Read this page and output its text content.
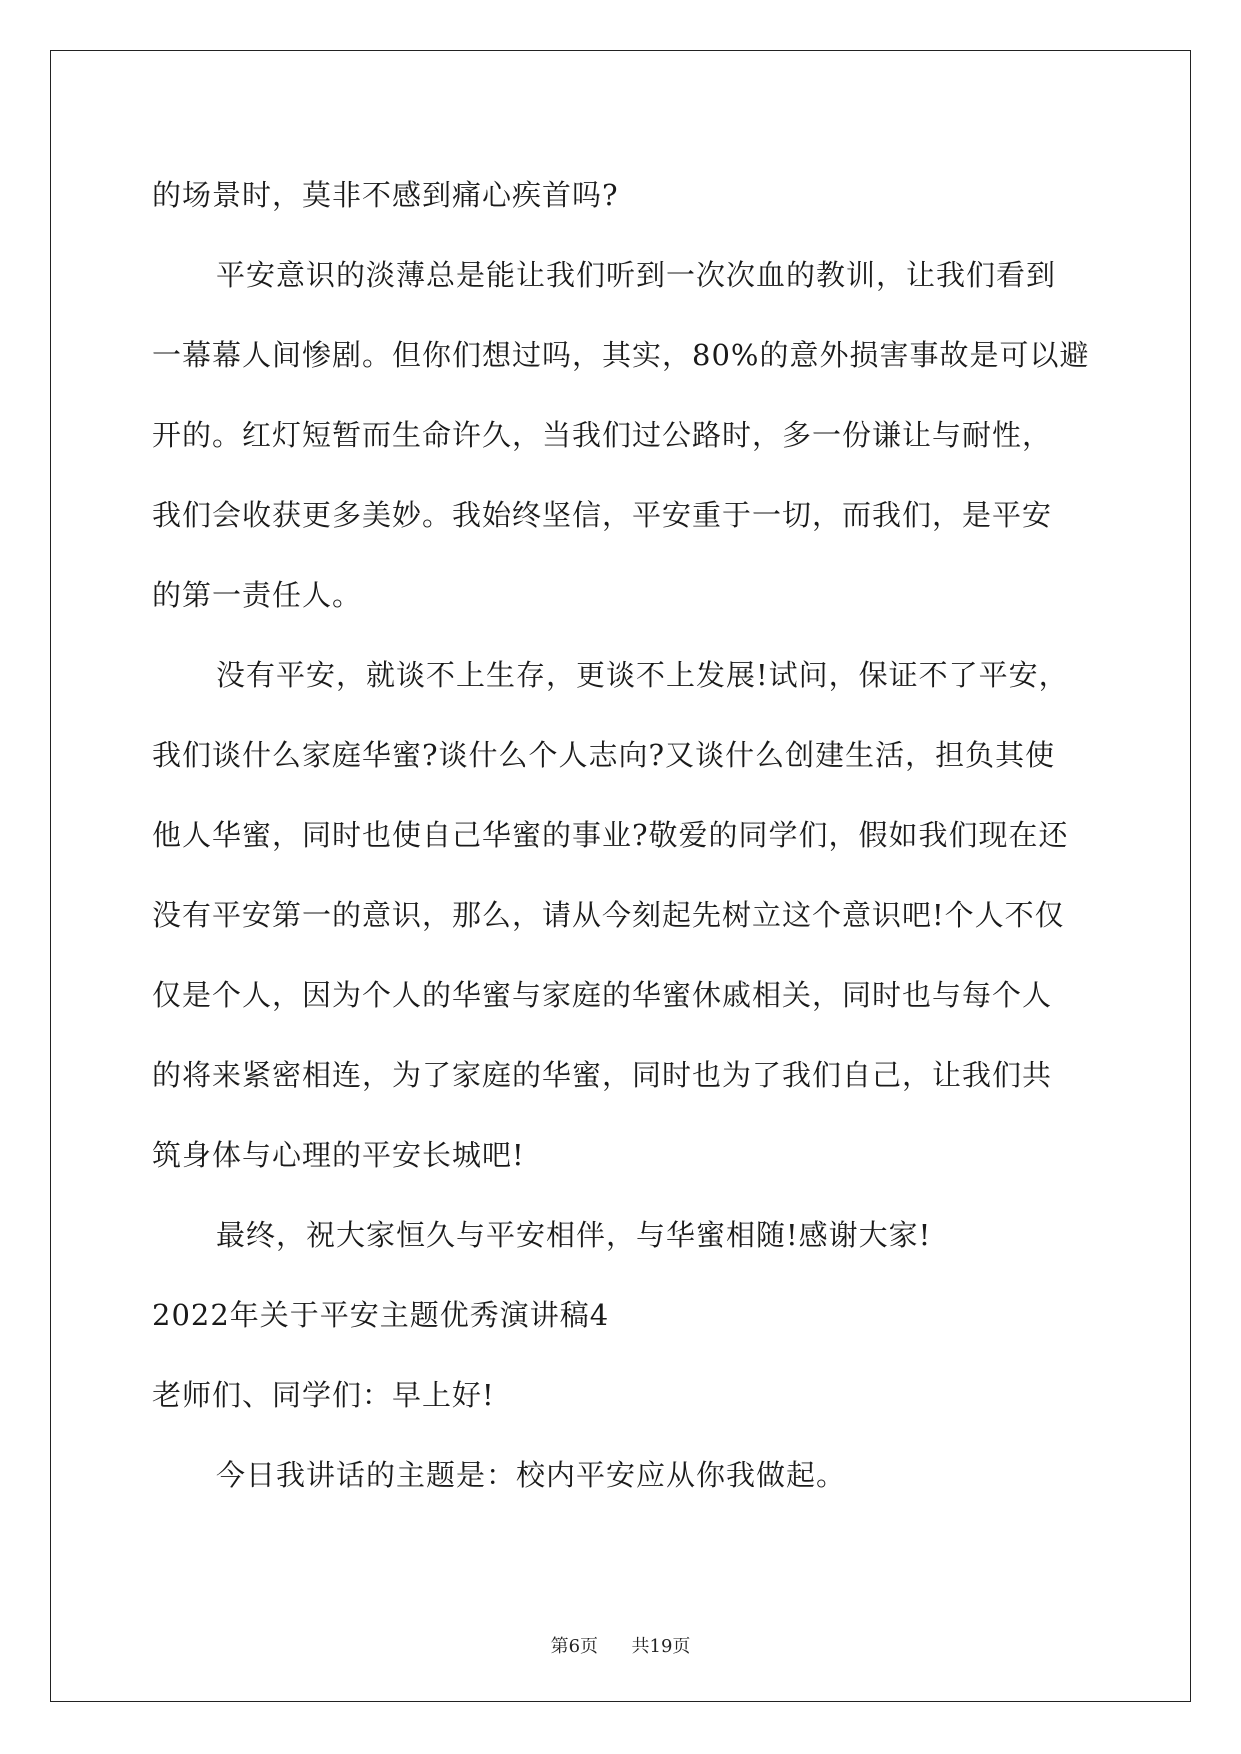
的场景时，莫非不感到痛心疾首吗?
平安意识的淡薄总是能让我们听到一次次血的教训，让我们看到
一幕幕人间惨剧。但你们想过吗，其实，80%的意外损害事故是可以避
开的。红灯短暂而生命许久，当我们过公路时，多一份谦让与耐性，
我们会收获更多美妙。我始终坚信，平安重于一切，而我们，是平安
的第一责任人。
没有平安，就谈不上生存，更谈不上发展!试问，保证不了平安，
我们谈什么家庭华蜜?谈什么个人志向?又谈什么创建生活，担负其使
他人华蜜，同时也使自己华蜜的事业?敬爱的同学们，假如我们现在还
没有平安第一的意识，那么，请从今刻起先树立这个意识吧!个人不仅
仅是个人，因为个人的华蜜与家庭的华蜜休戚相关，同时也与每个人
的将来紧密相连，为了家庭的华蜜，同时也为了我们自己，让我们共
筑身体与心理的平安长城吧!
最终，祝大家恒久与平安相伴，与华蜜相随!感谢大家!
2022年关于平安主题优秀演讲稿4
老师们、同学们：早上好!
今日我讲话的主题是：校内平安应从你我做起。
第6页 共19页
